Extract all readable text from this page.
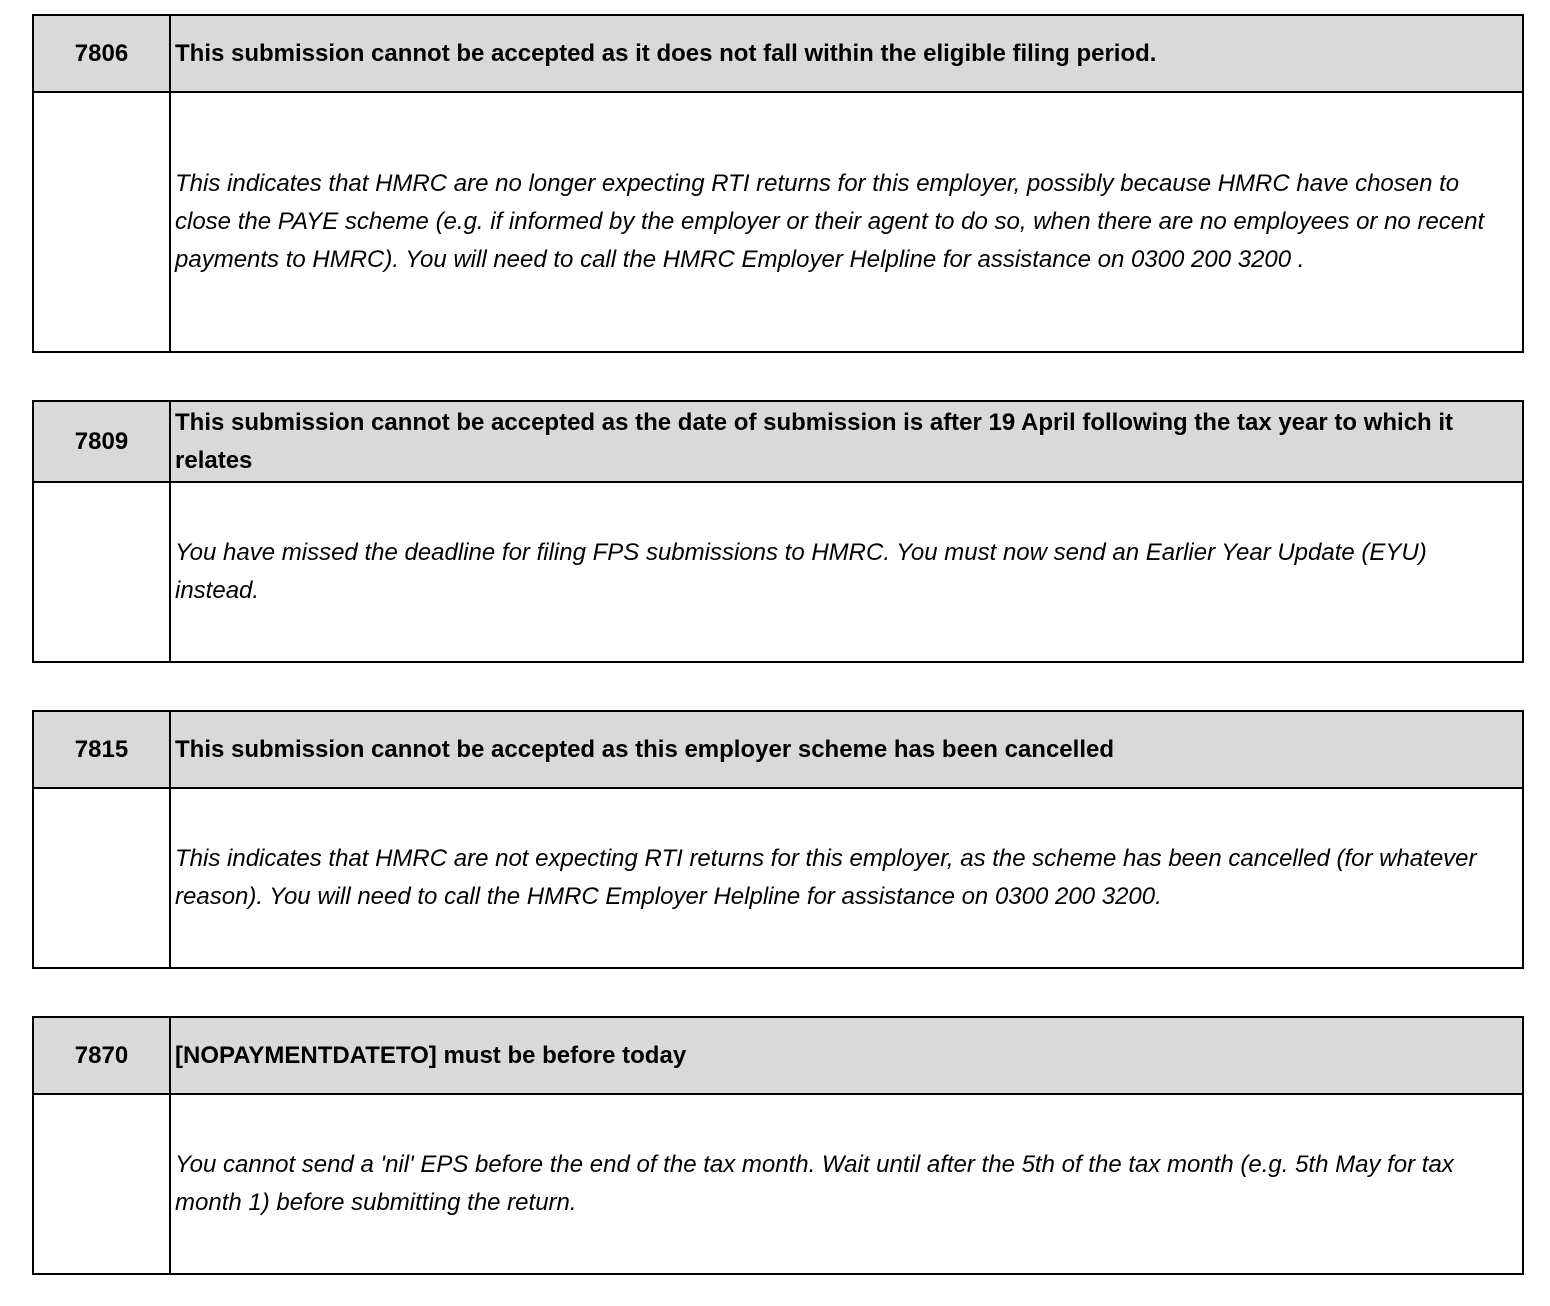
7806	This submission cannot be accepted as it does not fall within the eligible filing period.
	This indicates that HMRC are no longer expecting RTI returns for this employer, possibly because HMRC have chosen to close the PAYE scheme (e.g. if informed by the employer or their agent to do so, when there are no employees or no recent payments to HMRC). You will need to call the HMRC Employer Helpline for assistance on 0300 200 3200 .
7809	This submission cannot be accepted as the date of submission is after 19 April following the tax year to which it relates
	You have missed the deadline for filing FPS submissions to HMRC. You must now send an Earlier Year Update (EYU) instead.
7815	This submission cannot be accepted as this employer scheme has been cancelled
	This indicates that HMRC are not expecting RTI returns for this employer, as the scheme has been cancelled (for whatever reason). You will need to call the HMRC Employer Helpline for assistance on 0300 200 3200.
7870	[NOPAYMENTDATETO] must be before today
	You cannot send a 'nil' EPS before the end of the tax month. Wait until after the 5th of the tax month (e.g. 5th May for tax month 1) before submitting the return.
